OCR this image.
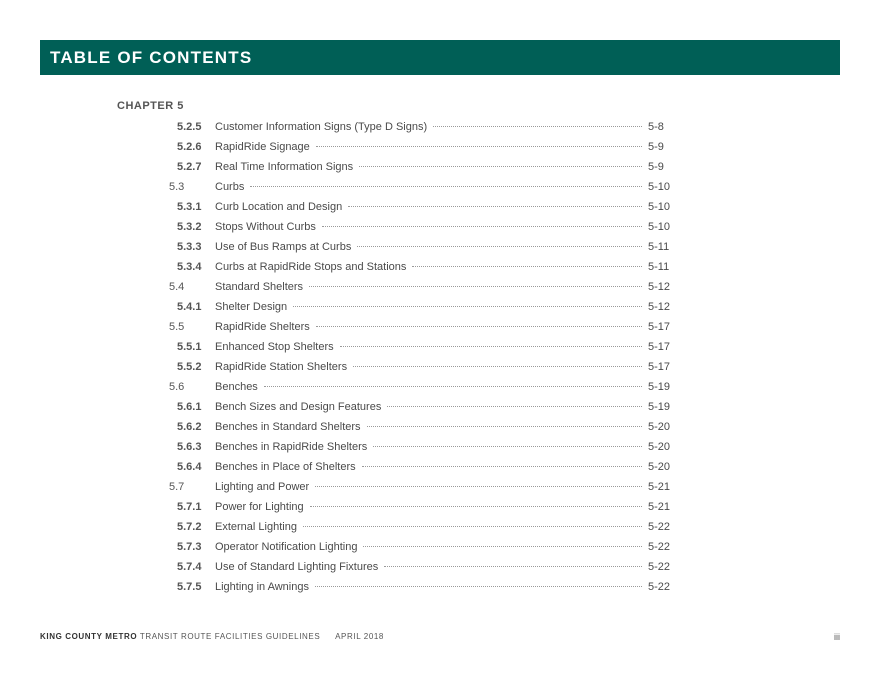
TABLE OF CONTENTS
CHAPTER 5
5.2.5 Customer Information Signs (Type D Signs)	5-8
5.2.6 RapidRide Signage	5-9
5.2.7 Real Time Information Signs	5-9
5.3	Curbs	5-10
5.3.1 Curb Location and Design	5-10
5.3.2 Stops Without Curbs	5-10
5.3.3 Use of Bus Ramps at Curbs	5-11
5.3.4 Curbs at RapidRide Stops and Stations	5-11
5.4	Standard Shelters	5-12
5.4.1 Shelter Design	5-12
5.5	RapidRide Shelters	5-17
5.5.1 Enhanced Stop Shelters	5-17
5.5.2 RapidRide Station Shelters	5-17
5.6	Benches	5-19
5.6.1 Bench Sizes and Design Features	5-19
5.6.2 Benches in Standard Shelters	5-20
5.6.3 Benches in RapidRide Shelters	5-20
5.6.4 Benches in Place of Shelters	5-20
5.7	Lighting and Power	5-21
5.7.1 Power for Lighting	5-21
5.7.2 External Lighting	5-22
5.7.3 Operator Notification Lighting	5-22
5.7.4 Use of Standard Lighting Fixtures	5-22
5.7.5 Lighting in Awnings	5-22
KING COUNTY METRO TRANSIT ROUTE FACILITIES GUIDELINES APRIL 2018	iii
